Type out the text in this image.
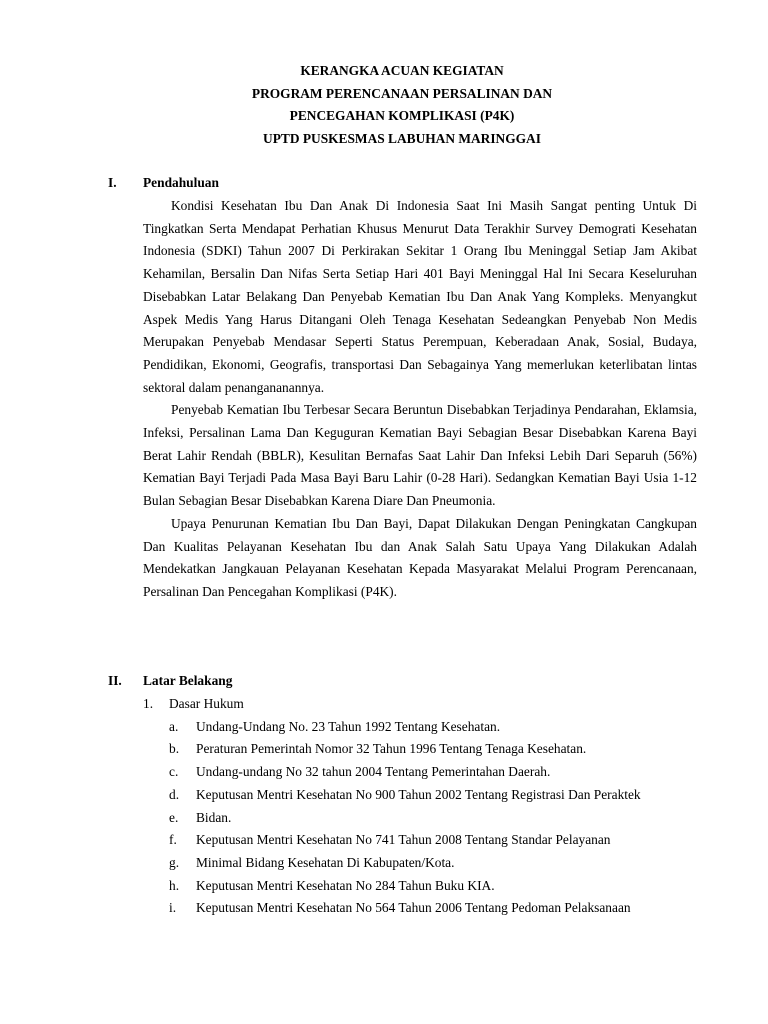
KERANGKA ACUAN KEGIATAN
PROGRAM PERENCANAAN PERSALINAN DAN
PENCEGAHAN KOMPLIKASI (P4K)
UPTD PUSKESMAS LABUHAN MARINGGAI
I. Pendahuluan

Kondisi Kesehatan Ibu Dan Anak Di Indonesia Saat Ini Masih Sangat penting Untuk Di Tingkatkan Serta Mendapat Perhatian Khusus Menurut Data Terakhir Survey Demograti Kesehatan Indonesia (SDKI) Tahun 2007 Di Perkirakan Sekitar 1 Orang Ibu Meninggal Setiap Jam Akibat Kehamilan, Bersalin Dan Nifas Serta Setiap Hari 401 Bayi Meninggal Hal Ini Secara Keseluruhan Disebabkan Latar Belakang Dan Penyebab Kematian Ibu Dan Anak Yang Kompleks. Menyangkut Aspek Medis Yang Harus Ditangani Oleh Tenaga Kesehatan Sedeangkan Penyebab Non Medis Merupakan Penyebab Mendasar Seperti Status Perempuan, Keberadaan Anak, Sosial, Budaya, Pendidikan, Ekonomi, Geografis, transportasi Dan Sebagainya Yang memerlukan keterlibatan lintas sektoral dalam penangananannya.

Penyebab Kematian Ibu Terbesar Secara Beruntun Disebabkan Terjadinya Pendarahan, Eklamsia, Infeksi, Persalinan Lama Dan Keguguran Kematian Bayi Sebagian Besar Disebabkan Karena Bayi Berat Lahir Rendah (BBLR), Kesulitan Bernafas Saat Lahir Dan Infeksi Lebih Dari Separuh (56%) Kematian Bayi Terjadi Pada Masa Bayi Baru Lahir (0-28 Hari). Sedangkan Kematian Bayi Usia 1-12 Bulan Sebagian Besar Disebabkan Karena Diare Dan Pneumonia.

Upaya Penurunan Kematian Ibu Dan Bayi, Dapat Dilakukan Dengan Peningkatan Cangkupan Dan Kualitas Pelayanan Kesehatan Ibu dan Anak Salah Satu Upaya Yang Dilakukan Adalah Mendekatkan Jangkauan Pelayanan Kesehatan Kepada Masyarakat Melalui Program Perencanaan, Persalinan Dan Pencegahan Komplikasi (P4K).

II. Latar Belakang
1.	Dasar Hukum
a.	Undang-Undang No. 23 Tahun 1992 Tentang Kesehatan.
b.	Peraturan Pemerintah Nomor 32 Tahun 1996 Tentang Tenaga Kesehatan.
c.	Undang-undang No 32 tahun 2004 Tentang Pemerintahan Daerah.
d.	Keputusan Mentri Kesehatan No 900 Tahun 2002 Tentang Registrasi Dan Peraktek
e.	Bidan.
f.	Keputusan Mentri Kesehatan No 741 Tahun 2008 Tentang Standar Pelayanan
g.	Minimal Bidang Kesehatan Di Kabupaten/Kota.
h.	Keputusan Mentri Kesehatan No 284 Tahun Buku KIA.
i.	Keputusan Mentri Kesehatan No 564 Tahun 2006 Tentang Pedoman Pelaksanaan
